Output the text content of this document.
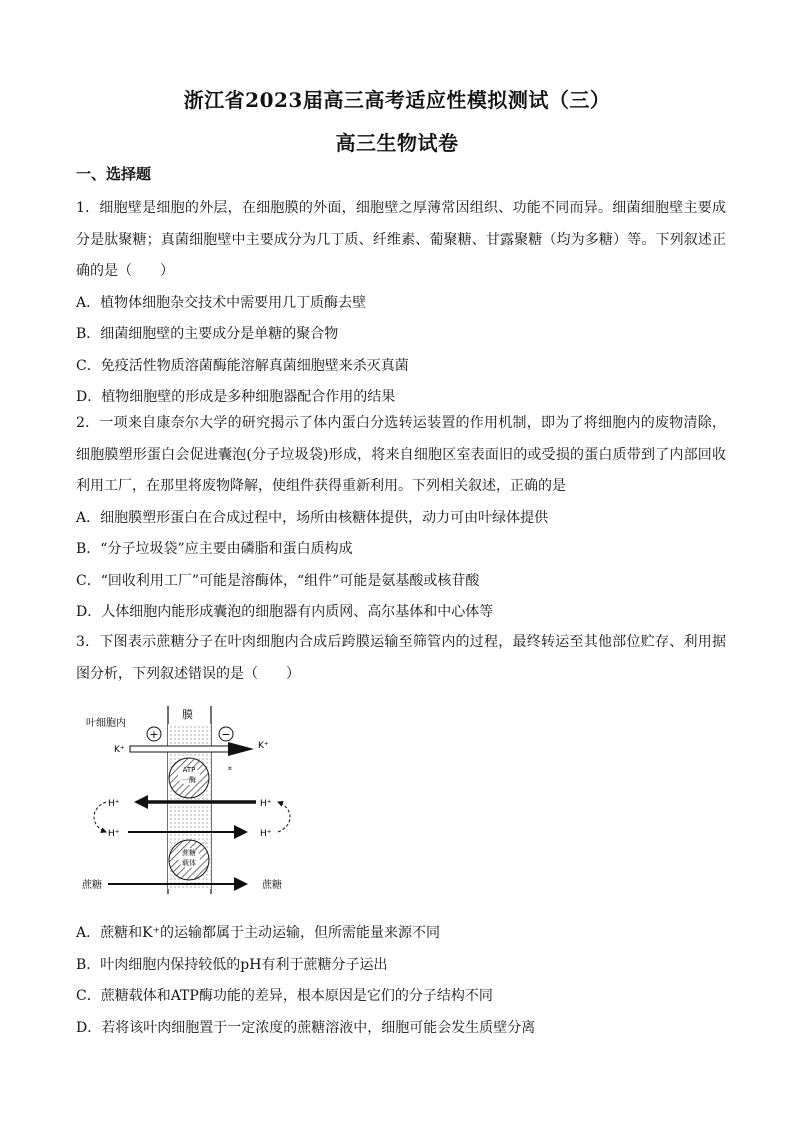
浙江省2023届高三高考适应性模拟测试（三）
高三生物试卷
一、选择题

1．细胞壁是细胞的外层，在细胞膜的外面，细胞壁之厚薄常因组织、功能不同而异。细菌细胞壁主要成分是肽聚糖；真菌细胞壁中主要成分为几丁质、纤维素、葡聚糖、甘露聚糖（均为多糖）等。下列叙述正确的是（　　）

A．植物体细胞杂交技术中需要用几丁质酶去壁

B．细菌细胞壁的主要成分是单糖的聚合物

C．免疫活性物质溶菌酶能溶解真菌细胞壁来杀灭真菌

D．植物细胞壁的形成是多种细胞器配合作用的结果

2．一项来自康奈尔大学的研究揭示了体内蛋白分选转运装置的作用机制，即为了将细胞内的废物清除，细胞膜塑形蛋白会促进囊泡(分子垃圾袋)形成，将来自细胞区室表面旧的或受损的蛋白质带到了内部回收利用工厂，在那里将废物降解，使组件获得重新利用。下列相关叙述，正确的是

A．细胞膜塑形蛋白在合成过程中，场所由核糖体提供，动力可由叶绿体提供

B．“分子垃圾袋”应主要由磷脂和蛋白质构成

C．“回收利用工厂”可能是溶酶体，“组件”可能是氨基酸或核苷酸

D．人体细胞内能形成囊泡的细胞器有内质网、高尔基体和中心体等

3．下图表示蔗糖分子在叶肉细胞内合成后跨膜运输至筛管内的过程，最终转运至其他部位贮存、利用据图分析，下列叙述错误的是（　　）

叶细胞内
膜
+	−
K⁺	K⁺
¤
ATP
一酶
H⁺
H⁺
H⁺	H⁺
蔗糖
载体
蔗糖	蔗糖

A．蔗糖和K⁺的运输都属于主动运输，但所需能量来源不同

B．叶肉细胞内保持较低的pH有利于蔗糖分子运出

C．蔗糖载体和ATP酶功能的差异，根本原因是它们的分子结构不同

D．若将该叶肉细胞置于一定浓度的蔗糖溶液中，细胞可能会发生质壁分离
